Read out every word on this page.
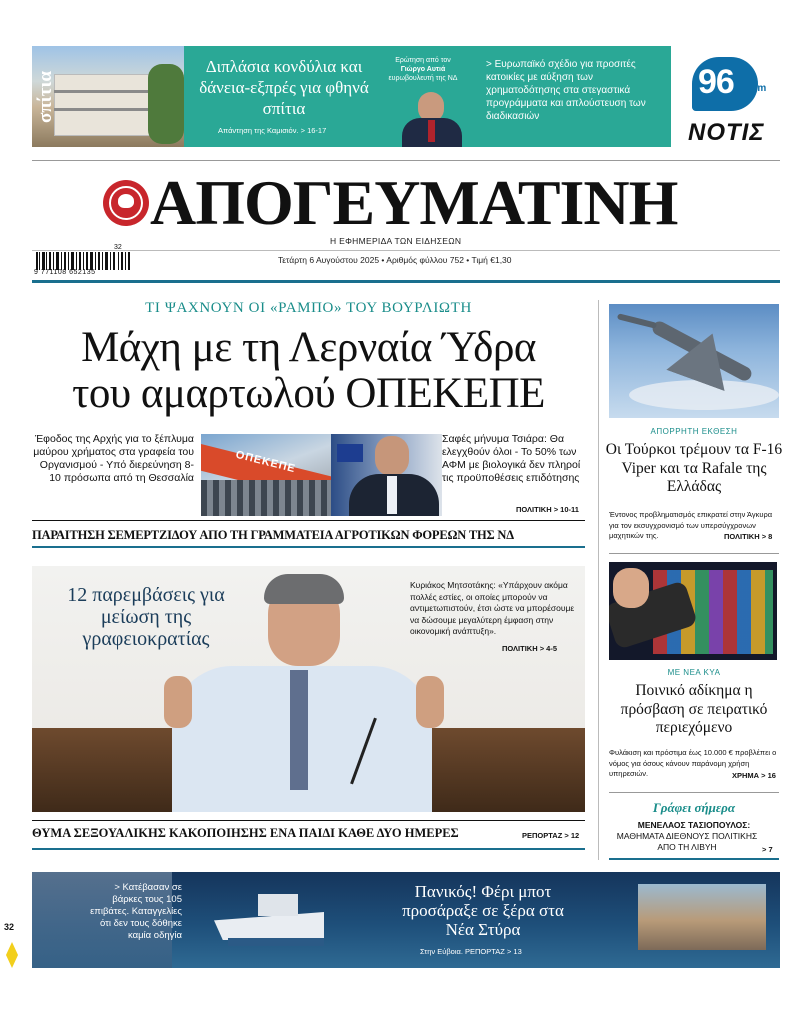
σπίτια
Διπλάσια κονδύλια και δάνεια-εξπρές για φθηνά σπίτια
Απάντηση της Καμισιόν. > 16-17
Ερώτηση από τον
Γιώργο Αυτιά
ευρωβουλευτή της ΝΔ
> Ευρωπαϊκό σχέδιο για προσιτές κατοικίες με αύξηση των χρηματοδότησης στα στεγαστικά προγράμματα και απλούστευση των διαδικασιών
96 fm
ΝΟΤΙΣ
ΑΠΟΓΕΥΜΑΤΙΝΗ
Η ΕΦΗΜΕΡΙΔΑ ΤΩΝ ΕΙΔΗΣΕΩΝ
9 771108 652135
32
Τετάρτη 6 Αυγούστου 2025 • Αριθμός φύλλου 752 • Τιμή €1,30
ΤΙ ΨΑΧΝΟΥΝ ΟΙ «ΡΑΜΠΟ» ΤΟΥ ΒΟΥΡΛΙΩΤΗ
Μάχη με τη Λερναία Ύδρα
του αμαρτωλού ΟΠΕΚΕΠΕ
Έφοδος της Αρχής για το ξέπλυμα μαύρου χρήματος στα γραφεία του Οργανισμού - Υπό διερεύνηση 8-10 πρόσωπα από τη Θεσσαλία
ΟΠΕΚΕΠΕ
Σαφές μήνυμα Τσιάρα: Θα ελεγχθούν όλοι - Το 50% των ΑΦΜ με βιολογικά δεν πληροί τις προϋποθέσεις επιδότησης
ΠΟΛΙΤΙΚΗ > 10-11
ΠΑΡΑΙΤΗΣΗ ΣΕΜΕΡΤΖΙΔΟΥ ΑΠΟ ΤΗ ΓΡΑΜΜΑΤΕΙΑ ΑΓΡΟΤΙΚΩΝ ΦΟΡΕΩΝ ΤΗΣ ΝΔ
12 παρεμβάσεις για μείωση της γραφειοκρατίας
Κυριάκος Μητσοτάκης: «Υπάρχουν ακόμα πολλές εστίες, οι οποίες μπορούν να αντιμετωπιστούν, έτσι ώστε να μπορέσουμε να δώσουμε μεγαλύτερη έμφαση στην οικονομική ανάπτυξη».
ΠΟΛΙΤΙΚΗ > 4-5
ΘΥΜΑ ΣΕΞΟΥΑΛΙΚΗΣ ΚΑΚΟΠΟΙΗΣΗΣ ΕΝΑ ΠΑΙΔΙ ΚΑΘΕ ΔΥΟ ΗΜΕΡΕΣ	ΡΕΠΟΡΤΑΖ > 12
ΑΠΟΡΡΗΤΗ ΕΚΘΕΣΗ
Οι Τούρκοι τρέμουν τα F-16 Viper και τα Rafale της Ελλάδας
Έντονος προβληματισμός επικρατεί στην Άγκυρα για τον εκσυγχρονισμό των υπερσύγχρονων μαχητικών της.	ΠΟΛΙΤΙΚΗ > 8
ΜΕ ΝΕΑ ΚΥΑ
Ποινικό αδίκημα η πρόσβαση σε πειρατικό περιεχόμενο
Φυλάκιση και πρόστιμα έως 10.000 € προβλέπει ο νόμος για όσους κάνουν παράνομη χρήση υπηρεσιών.	ΧΡΗΜΑ > 16
Γράφει σήμερα
ΜΕΝΕΛΑΟΣ ΤΑΣΙΟΠΟΥΛΟΣ:
ΜΑΘΗΜΑΤΑ ΔΙΕΘΝΟΥΣ ΠΟΛΙΤΙΚΗΣ ΑΠΟ ΤΗ ΛΙΒΥΗ	> 7
> Κατέβασαν σε βάρκες τους 105 επιβάτες. Καταγγελίες ότι δεν τους δόθηκε καμία οδηγία
Πανικός! Φέρι μποτ προσάραξε σε ξέρα στα Νέα Στύρα
Στην Εύβοια. ΡΕΠΟΡΤΑΖ > 13
32
